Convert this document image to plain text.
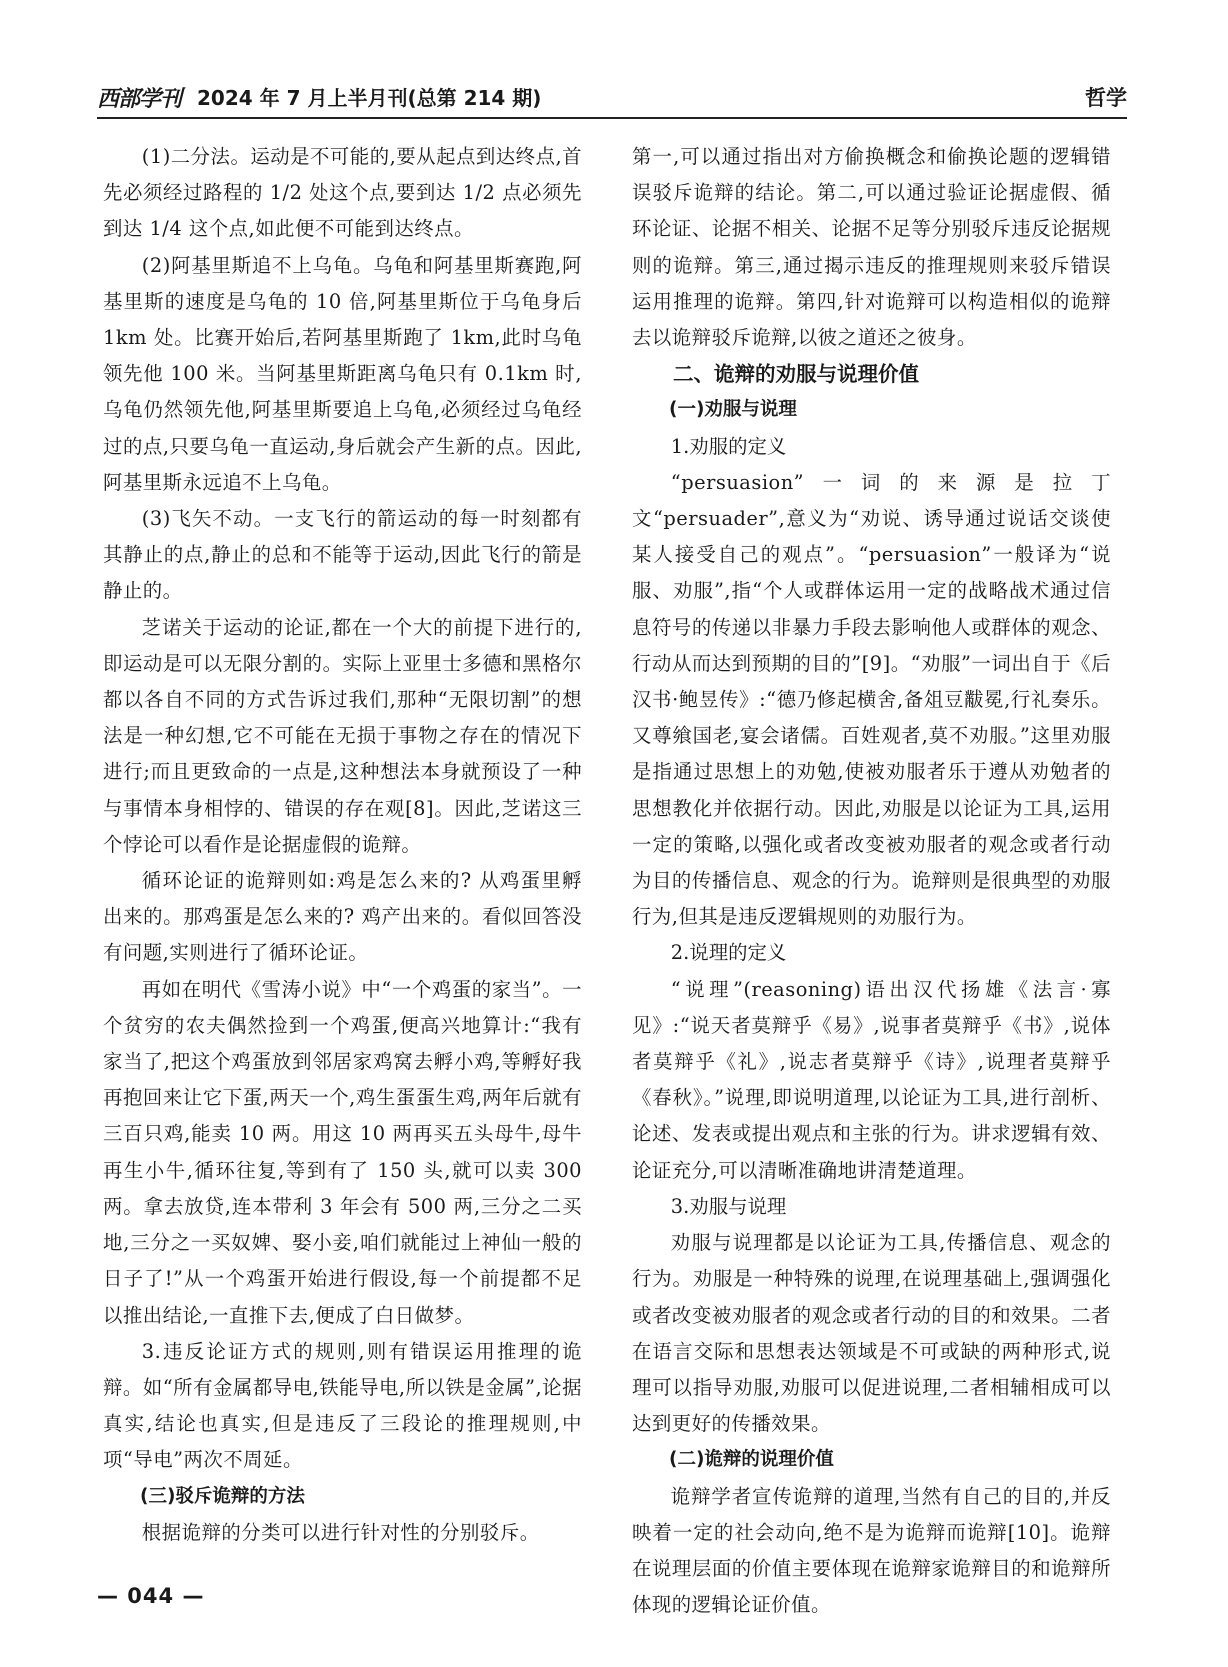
西部学刊 2024 年 7 月上半月刊(总第 214 期)	哲学

(1)二分法。运动是不可能的,要从起点到达终点,首先必须经过路程的 1/2 处这个点,要到达 1/2 点必须先到达 1/4 这个点,如此便不可能到达终点。

(2)阿基里斯追不上乌龟。乌龟和阿基里斯赛跑,阿基里斯的速度是乌龟的 10 倍,阿基里斯位于乌龟身后 1km 处。比赛开始后,若阿基里斯跑了 1km,此时乌龟领先他 100 米。当阿基里斯距离乌龟只有 0.1km 时,乌龟仍然领先他,阿基里斯要追上乌龟,必须经过乌龟经过的点,只要乌龟一直运动,身后就会产生新的点。因此,阿基里斯永远追不上乌龟。

(3)飞矢不动。一支飞行的箭运动的每一时刻都有其静止的点,静止的总和不能等于运动,因此飞行的箭是静止的。

芝诺关于运动的论证,都在一个大的前提下进行的,即运动是可以无限分割的。实际上亚里士多德和黑格尔都以各自不同的方式告诉过我们,那种“无限切割”的想法是一种幻想,它不可能在无损于事物之存在的情况下进行;而且更致命的一点是,这种想法本身就预设了一种与事情本身相悖的、错误的存在观[8]。因此,芝诺这三个悖论可以看作是论据虚假的诡辩。

循环论证的诡辩则如:鸡是怎么来的? 从鸡蛋里孵出来的。那鸡蛋是怎么来的? 鸡产出来的。看似回答没有问题,实则进行了循环论证。

再如在明代《雪涛小说》中“一个鸡蛋的家当”。一个贫穷的农夫偶然捡到一个鸡蛋,便高兴地算计:“我有家当了,把这个鸡蛋放到邻居家鸡窝去孵小鸡,等孵好我再抱回来让它下蛋,两天一个,鸡生蛋蛋生鸡,两年后就有三百只鸡,能卖 10 两。用这 10 两再买五头母牛,母牛再生小牛,循环往复,等到有了 150 头,就可以卖 300 两。拿去放贷,连本带利 3 年会有 500 两,三分之二买地,三分之一买奴婢、娶小妾,咱们就能过上神仙一般的日子了!”从一个鸡蛋开始进行假设,每一个前提都不足以推出结论,一直推下去,便成了白日做梦。

3.违反论证方式的规则,则有错误运用推理的诡辩。如“所有金属都导电,铁能导电,所以铁是金属”,论据真实,结论也真实,但是违反了三段论的推理规则,中项“导电”两次不周延。

(三)驳斥诡辩的方法

根据诡辩的分类可以进行针对性的分别驳斥。

第一,可以通过指出对方偷换概念和偷换论题的逻辑错误驳斥诡辩的结论。第二,可以通过验证论据虚假、循环论证、论据不相关、论据不足等分别驳斥违反论据规则的诡辩。第三,通过揭示违反的推理规则来驳斥错误运用推理的诡辩。第四,针对诡辩可以构造相似的诡辩去以诡辩驳斥诡辩,以彼之道还之彼身。

二、诡辩的劝服与说理价值

(一)劝服与说理

1.劝服的定义

“persuasion”一词的来源是拉丁文“persuader”,意义为“劝说、诱导通过说话交谈使某人接受自己的观点”。“persuasion”一般译为“说服、劝服”,指“个人或群体运用一定的战略战术通过信息符号的传递以非暴力手段去影响他人或群体的观念、行动从而达到预期的目的”[9]。“劝服”一词出自于《后汉书·鲍昱传》:“德乃修起横舍,备俎豆黻冕,行礼奏乐。又尊飨国老,宴会诸儒。百姓观者,莫不劝服。”这里劝服是指通过思想上的劝勉,使被劝服者乐于遵从劝勉者的思想教化并依据行动。因此,劝服是以论证为工具,运用一定的策略,以强化或者改变被劝服者的观念或者行动为目的传播信息、观念的行为。诡辩则是很典型的劝服行为,但其是违反逻辑规则的劝服行为。

2.说理的定义

“说理”(reasoning)语出汉代扬雄《法言·寡见》:“说天者莫辩乎《易》,说事者莫辩乎《书》,说体者莫辩乎《礼》,说志者莫辩乎《诗》,说理者莫辩乎《春秋》。”说理,即说明道理,以论证为工具,进行剖析、论述、发表或提出观点和主张的行为。讲求逻辑有效、论证充分,可以清晰准确地讲清楚道理。

3.劝服与说理

劝服与说理都是以论证为工具,传播信息、观念的行为。劝服是一种特殊的说理,在说理基础上,强调强化或者改变被劝服者的观念或者行动的目的和效果。二者在语言交际和思想表达领域是不可或缺的两种形式,说理可以指导劝服,劝服可以促进说理,二者相辅相成可以达到更好的传播效果。

(二)诡辩的说理价值

诡辩学者宣传诡辩的道理,当然有自己的目的,并反映着一定的社会动向,绝不是为诡辩而诡辩[10]。诡辩在说理层面的价值主要体现在诡辩家诡辩目的和诡辩所体现的逻辑论证价值。

— 044 —
